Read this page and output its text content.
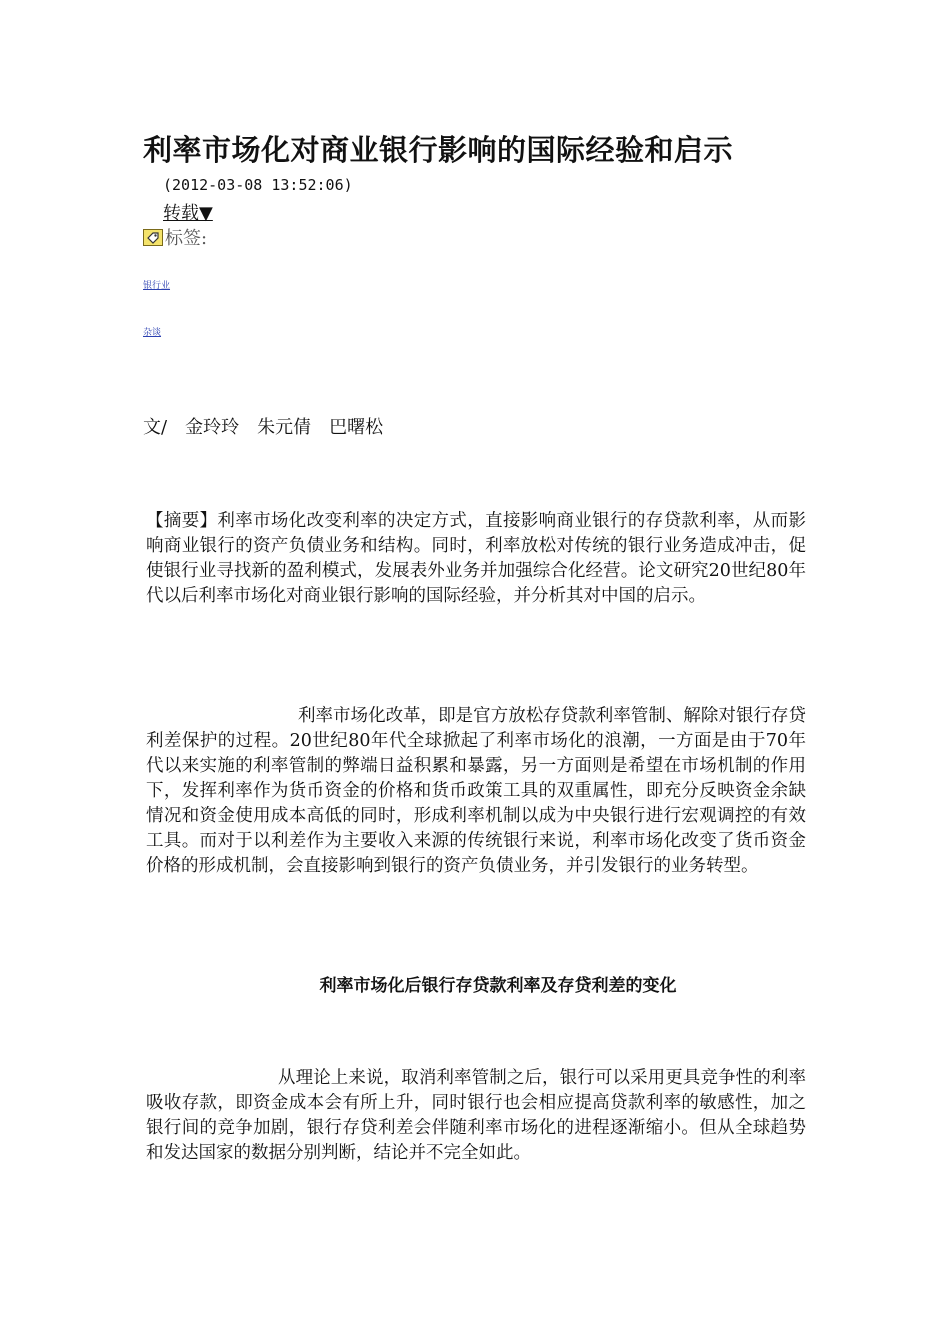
利率市场化对商业银行影响的国际经验和启示
(2012-03-08 13:52:06)
转载▼
标签:
银行业
杂谈
文/　金玲玲　朱元倩　巴曙松
【摘要】利率市场化改变利率的决定方式，直接影响商业银行的存贷款利率，从而影响商业银行的资产负债业务和结构。同时，利率放松对传统的银行业务造成冲击，促使银行业寻找新的盈利模式，发展表外业务并加强综合化经营。论文研究20世纪80年代以后利率市场化对商业银行影响的国际经验，并分析其对中国的启示。
利率市场化改革，即是官方放松存贷款利率管制、解除对银行存贷利差保护的过程。20世纪80年代全球掀起了利率市场化的浪潮，一方面是由于70年代以来实施的利率管制的弊端日益积累和暴露，另一方面则是希望在市场机制的作用下，发挥利率作为货币资金的价格和货币政策工具的双重属性，即充分反映资金余缺情况和资金使用成本高低的同时，形成利率机制以成为中央银行进行宏观调控的有效工具。而对于以利差作为主要收入来源的传统银行来说，利率市场化改变了货币资金价格的形成机制，会直接影响到银行的资产负债业务，并引发银行的业务转型。
利率市场化后银行存贷款利率及存贷利差的变化
从理论上来说，取消利率管制之后，银行可以采用更具竞争性的利率吸收存款，即资金成本会有所上升，同时银行也会相应提高贷款利率的敏感性，加之银行间的竞争加剧，银行存贷利差会伴随利率市场化的进程逐渐缩小。但从全球趋势和发达国家的数据分别判断，结论并不完全如此。
